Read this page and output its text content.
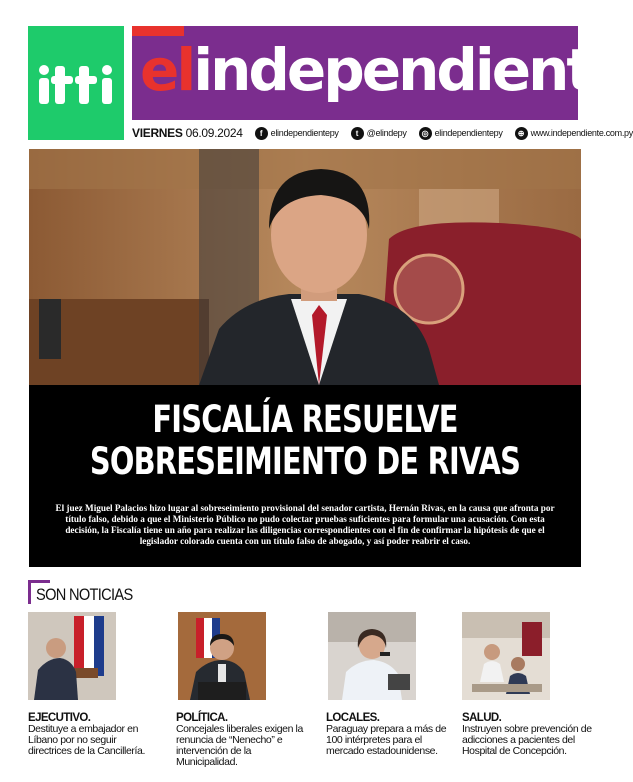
elindependiente
VIERNES 06.09.2024	f elindependientepy	t @elindepy	◎ elindependientepy	⊕ www.independiente.com.py
FISCALÍA RESUELVE
SOBRESEIMIENTO DE RIVAS
El juez Miguel Palacios hizo lugar al sobreseimiento provisional del senador cartista, Hernán Rivas, en la causa que afronta por título falso, debido a que el Ministerio Público no pudo colectar pruebas suficientes para formular una acusación. Con esta decisión, la Fiscalía tiene un año para realizar las diligencias correspondientes con el fin de confirmar la hipótesis de que el legislador colorado cuenta con un título falso de abogado, y así poder reabrir el caso.
SON NOTICIAS
EJECUTIVO.
Destituye a embajador en Líbano por no seguir directrices de la Cancillería.
POLÍTICA.
Concejales liberales exigen la renuncia de “Nenecho” e intervención de la Municipalidad.
LOCALES.
Paraguay prepara a más de 100 intérpretes para el mercado estadounidense.
SALUD.
Instruyen sobre prevención de adicciones a pacientes del Hospital de Concepción.
